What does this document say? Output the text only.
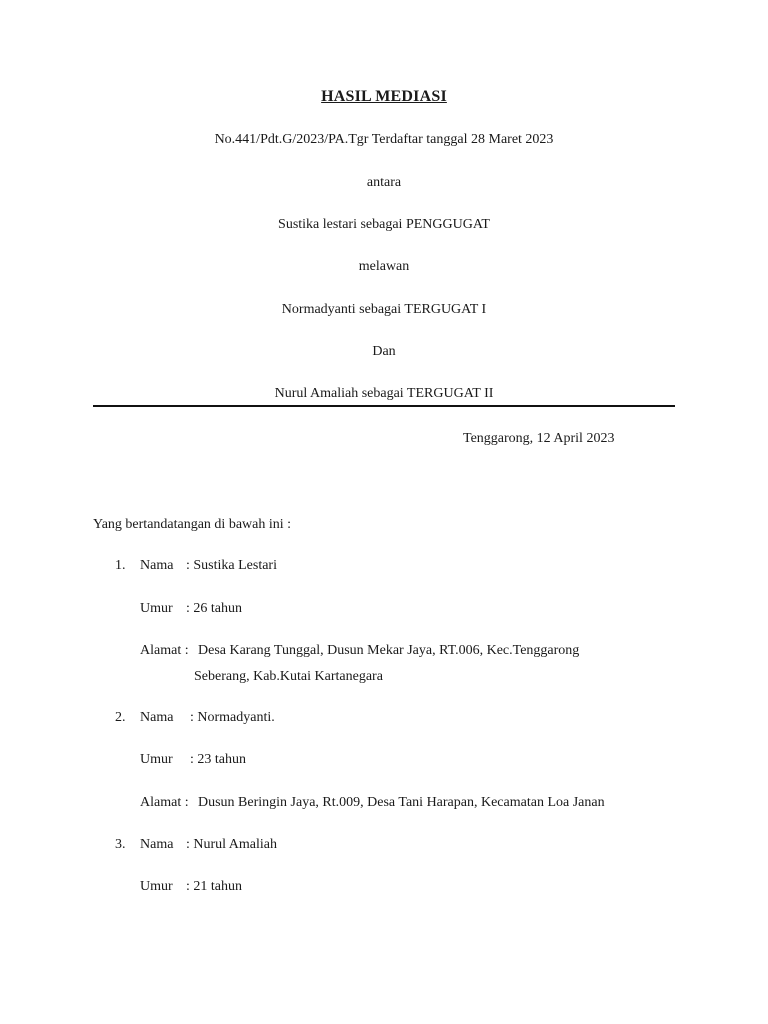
HASIL MEDIASI
No.441/Pdt.G/2023/PA.Tgr Terdaftar tanggal 28 Maret 2023
antara
Sustika lestari sebagai PENGGUGAT
melawan
Normadyanti sebagai TERGUGAT I
Dan
Nurul Amaliah sebagai TERGUGAT II
Tenggarong, 12 April 2023
Yang bertandatangan di bawah ini :
1. Nama : Sustika Lestari
Umur : 26 tahun
Alamat : Desa Karang Tunggal, Dusun Mekar Jaya, RT.006, Kec.Tenggarong
Seberang, Kab.Kutai Kartanegara
2. Nama : Normadyanti.
Umur : 23 tahun
Alamat : Dusun Beringin Jaya, Rt.009, Desa Tani Harapan, Kecamatan Loa Janan
3. Nama : Nurul Amaliah
Umur : 21 tahun
